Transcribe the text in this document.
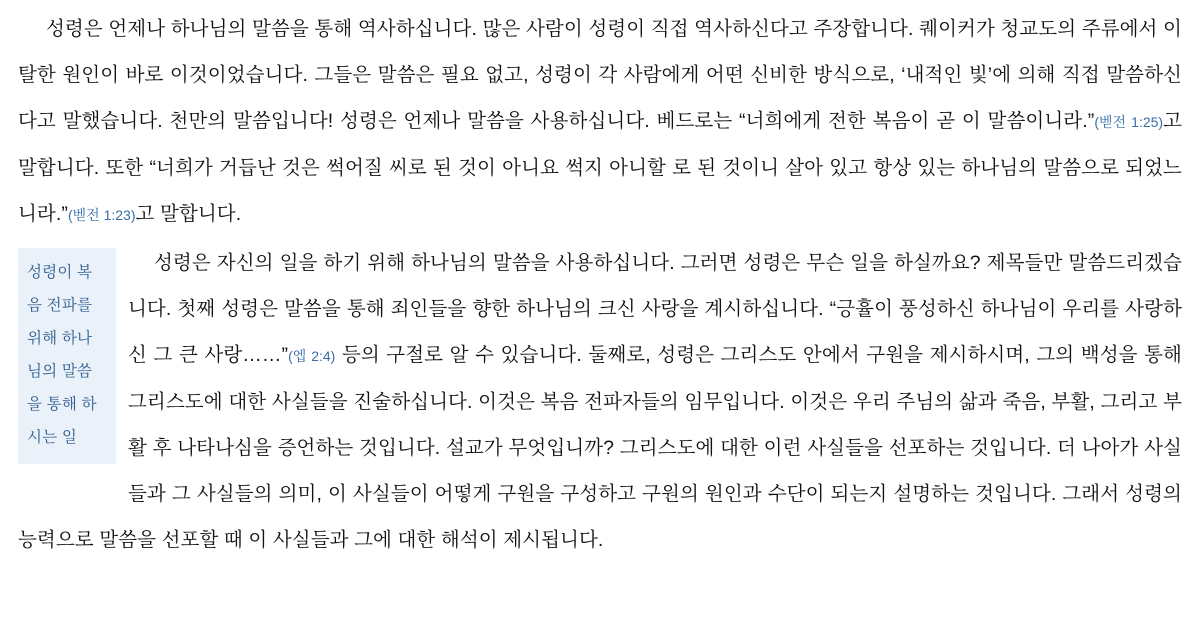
성령은 언제나 하나님의 말씀을 통해 역사하십니다. 많은 사람이 성령이 직접 역사하신다고 주장합니다. 퀘이커가 청교도의 주류에서 이탈한 원인이 바로 이것이었습니다. 그들은 말씀은 필요 없고, 성령이 각 사람에게 어떤 신비한 방식으로, ‘내적인 빛’에 의해 직접 말씀하신다고 말했습니다. 천만의 말씀입니다! 성령은 언제나 말씀을 사용하십니다. 베드로는 “너희에게 전한 복음이 곧 이 말씀이니라.”(벧전 1:25)고 말합니다. 또한 “너희가 거듭난 것은 썩어질 씨로 된 것이 아니요 썩지 아니할 로 된 것이니 살아 있고 항상 있는 하나님의 말씀으로 되었느니라.”(벧전 1:23)고 말합니다.

성령이 복음 전파를 위해 하나님의 말씀을 통해 하시는 일

성령은 자신의 일을 하기 위해 하나님의 말씀을 사용하십니다. 그러면 성령은 무슨 일을 하실까요? 제목들만 말씀드리겠습니다. 첫째 성령은 말씀을 통해 죄인들을 향한 하나님의 크신 사랑을 계시하십니다. “긍휼이 풍성하신 하나님이 우리를 사랑하신 그 큰 사랑……”(엡 2:4) 등의 구절로 알 수 있습니다. 둘째로, 성령은 그리스도 안에서 구원을 제시하시며, 그의 백성을 통해 그리스도에 대한 사실들을 진술하십니다. 이것은 복음 전파자들의 임무입니다. 이것은 우리 주님의 삶과 죽음, 부활, 그리고 부활 후 나타나심을 증언하는 것입니다. 설교가 무엇입니까? 그리스도에 대한 이런 사실들을 선포하는 것입니다. 더 나아가 사실들과 그 사실들의 의미, 이 사실들이 어떻게 구원을 구성하고 구원의 원인과 수단이 되는지 설명하는 것입니다. 그래서 성령의 능력으로 말씀을 선포할 때 이 사실들과 그에 대한 해석이 제시됩니다.
